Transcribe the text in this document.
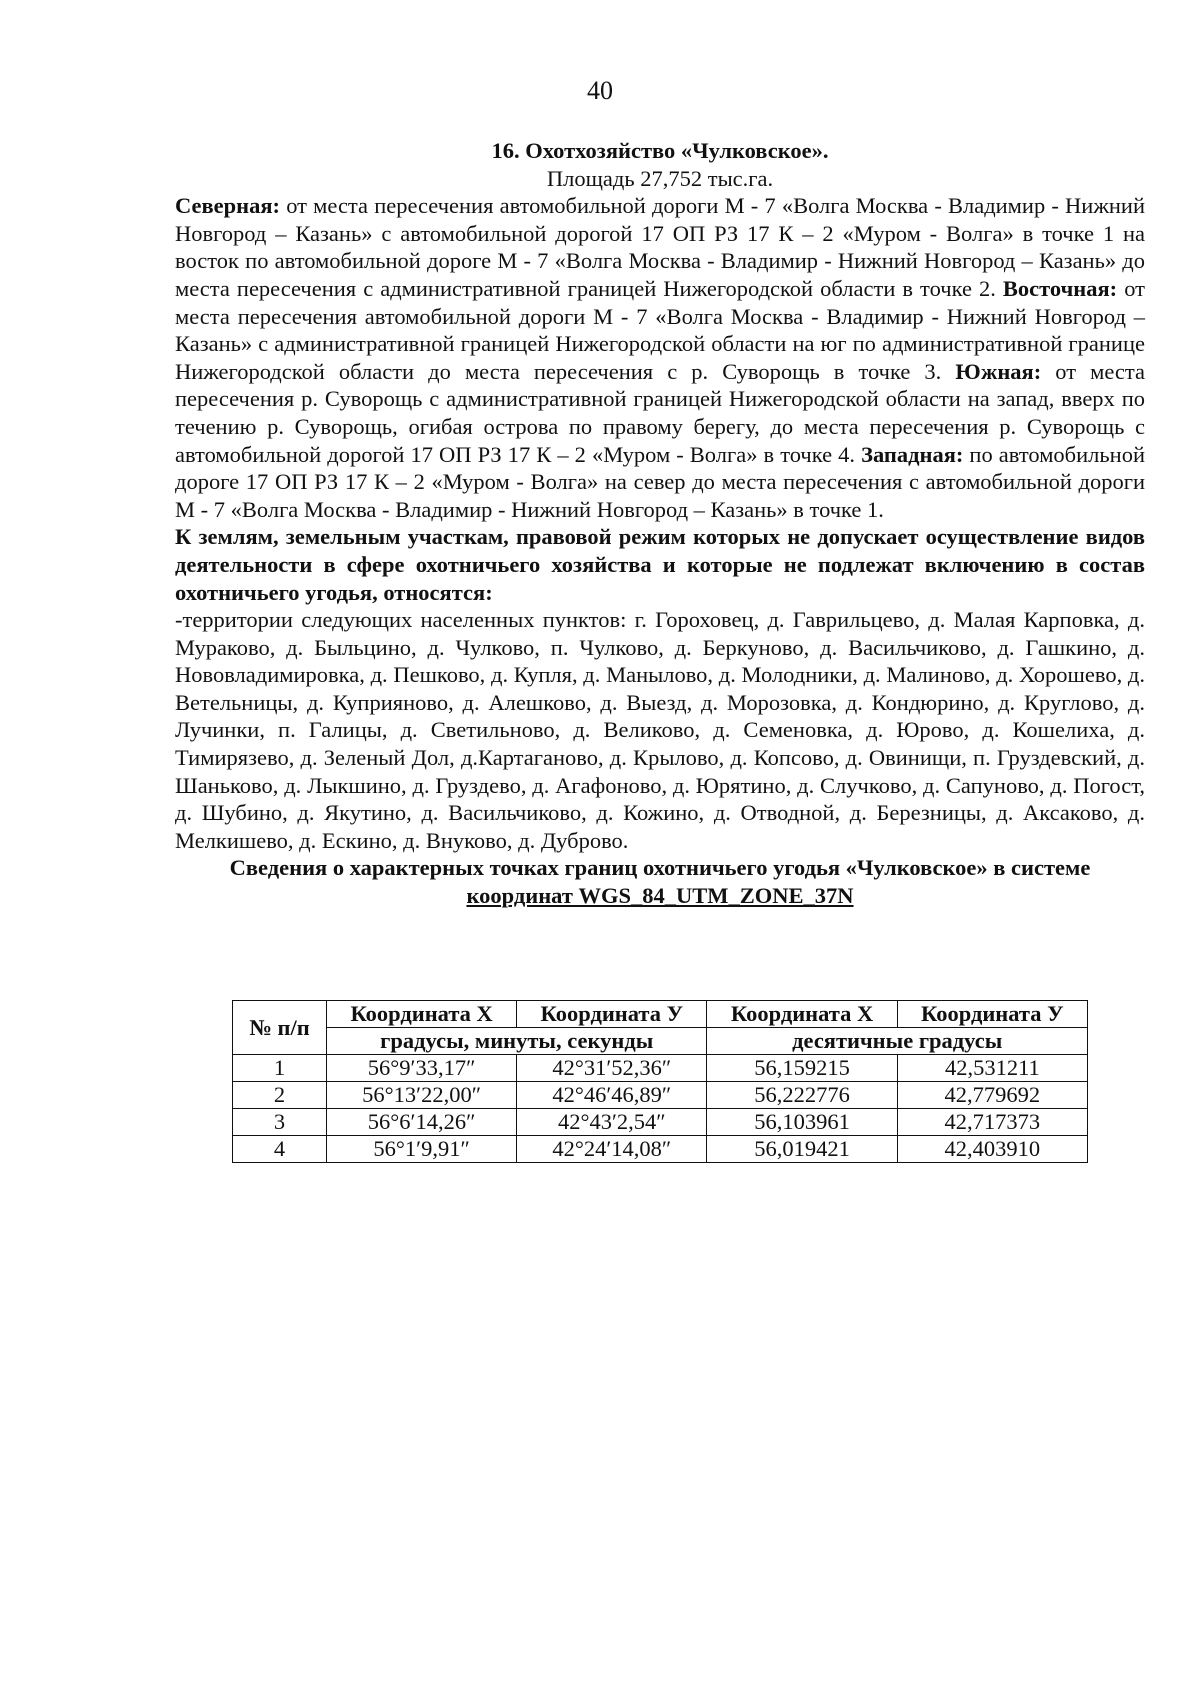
40

16. Охотхозяйство «Чулковское».

Площадь 27,752 тыс.га.

Северная: от места пересечения автомобильной дороги М - 7 «Волга Москва - Владимир - Нижний Новгород – Казань» с автомобильной дорогой 17 ОП РЗ 17 К – 2 «Муром - Волга» в точке 1 на восток по автомобильной дороге М - 7 «Волга Москва - Владимир - Нижний Новгород – Казань» до места пересечения с административной границей Нижегородской области в точке 2. Восточная: от места пересечения автомобильной дороги М - 7 «Волга Москва - Владимир - Нижний Новгород – Казань» с административной границей Нижегородской области на юг по административной границе Нижегородской области до места пересечения с р. Суворощь в точке 3. Южная: от места пересечения р. Суворощь с административной границей Нижегородской области на запад, вверх по течению р. Суворощь, огибая острова по правому берегу, до места пересечения р. Суворощь с автомобильной дорогой 17 ОП РЗ 17 К – 2 «Муром - Волга» в точке 4. Западная: по автомобильной дороге 17 ОП РЗ 17 К – 2 «Муром - Волга» на север до места пересечения с автомобильной дороги М - 7 «Волга Москва - Владимир - Нижний Новгород – Казань» в точке 1.

К землям, земельным участкам, правовой режим которых не допускает осуществление видов деятельности в сфере охотничьего хозяйства и которые не подлежат включению в состав охотничьего угодья, относятся:

-территории следующих населенных пунктов: г. Гороховец, д. Гаврильцево, д. Малая Карповка, д. Мураково, д. Быльцино, д. Чулково, п. Чулково, д. Беркуново, д. Васильчиково, д. Гашкино, д. Нововладимировка, д. Пешково, д. Купля, д. Манылово, д. Молодники, д. Малиново, д. Хорошево, д. Ветельницы, д. Куприяново, д. Алешково, д. Выезд, д. Морозовка, д. Кондюрино, д. Круглово, д. Лучинки, п. Галицы, д. Светильново, д. Великово, д. Семеновка, д. Юрово, д. Кошелиха, д. Тимирязево, д. Зеленый Дол, д.Картаганово, д. Крылово, д. Копсово, д. Овинищи, п. Груздевский, д. Шаньково, д. Лыкшино, д. Груздево, д. Агафоново, д. Юрятино, д. Случково, д. Сапуново, д. Погост, д. Шубино, д. Якутино, д. Васильчиково, д. Кожино, д. Отводной, д. Березницы, д. Аксаково, д. Мелкишево, д. Ескино, д. Внуково, д. Дуброво.

Сведения о характерных точках границ охотничьего угодья «Чулковское» в системе
координат WGS_84_UTM_ZONE_37N

№ п/п	Координата Х	Координата У	Координата Х	Координата У
	градусы, минуты, секунды		десятичные градусы	
1	56°9′33,17″	42°31′52,36″	56,159215	42,531211
2	56°13′22,00″	42°46′46,89″	56,222776	42,779692
3	56°6′14,26″	42°43′2,54″	56,103961	42,717373
4	56°1′9,91″	42°24′14,08″	56,019421	42,403910
